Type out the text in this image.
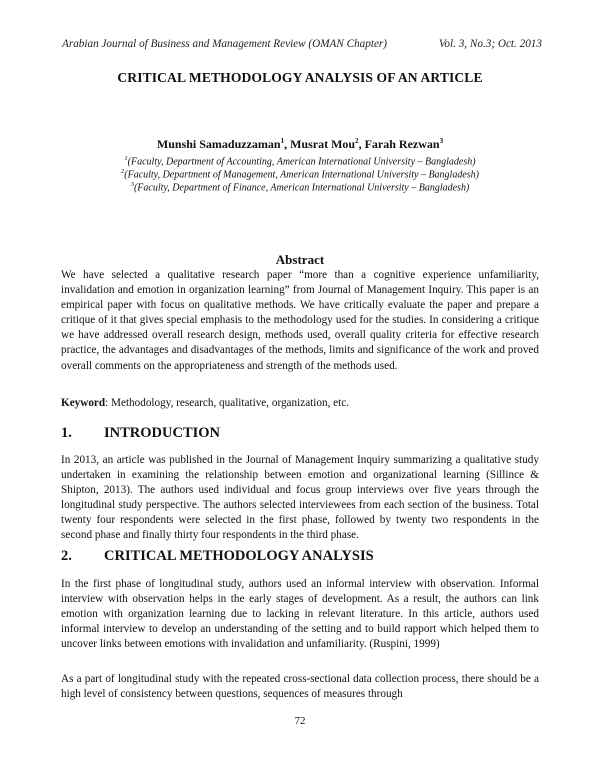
Arabian Journal of Business and Management Review (OMAN Chapter)	Vol. 3, No.3; Oct. 2013
CRITICAL METHODOLOGY ANALYSIS OF AN ARTICLE
Munshi Samaduzzaman$^1$, Musrat Mou$^2$, Farah Rezwan$^3$
$^1$(Faculty, Department of Accounting, American International University – Bangladesh)
$^2$(Faculty, Department of Management, American International University – Bangladesh)
$^3$(Faculty, Department of Finance, American International University – Bangladesh)
Abstract
We have selected a qualitative research paper “more than a cognitive experience unfamiliarity, invalidation and emotion in organization learning” from Journal of Management Inquiry. This paper is an empirical paper with focus on qualitative methods. We have critically evaluate the paper and prepare a critique of it that gives special emphasis to the methodology used for the studies. In considering a critique we have addressed overall research design, methods used, overall quality criteria for effective research practice, the advantages and disadvantages of the methods, limits and significance of the work and proved overall comments on the appropriateness and strength of the methods used.
Keyword: Methodology, research, qualitative, organization, etc.
1. INTRODUCTION
In 2013, an article was published in the Journal of Management Inquiry summarizing a qualitative study undertaken in examining the relationship between emotion and organizational learning (Sillince & Shipton, 2013). The authors used individual and focus group interviews over five years through the longitudinal study perspective. The authors selected interviewees from each section of the business. Total twenty four respondents were selected in the first phase, followed by twenty two respondents in the second phase and finally thirty four respondents in the third phase.
2. CRITICAL METHODOLOGY ANALYSIS
In the first phase of longitudinal study, authors used an informal interview with observation. Informal interview with observation helps in the early stages of development. As a result, the authors can link emotion with organization learning due to lacking in relevant literature. In this article, authors used informal interview to develop an understanding of the setting and to build rapport which helped them to uncover links between emotions with invalidation and unfamiliarity. (Ruspini, 1999)
As a part of longitudinal study with the repeated cross-sectional data collection process, there should be a high level of consistency between questions, sequences of measures through
72
